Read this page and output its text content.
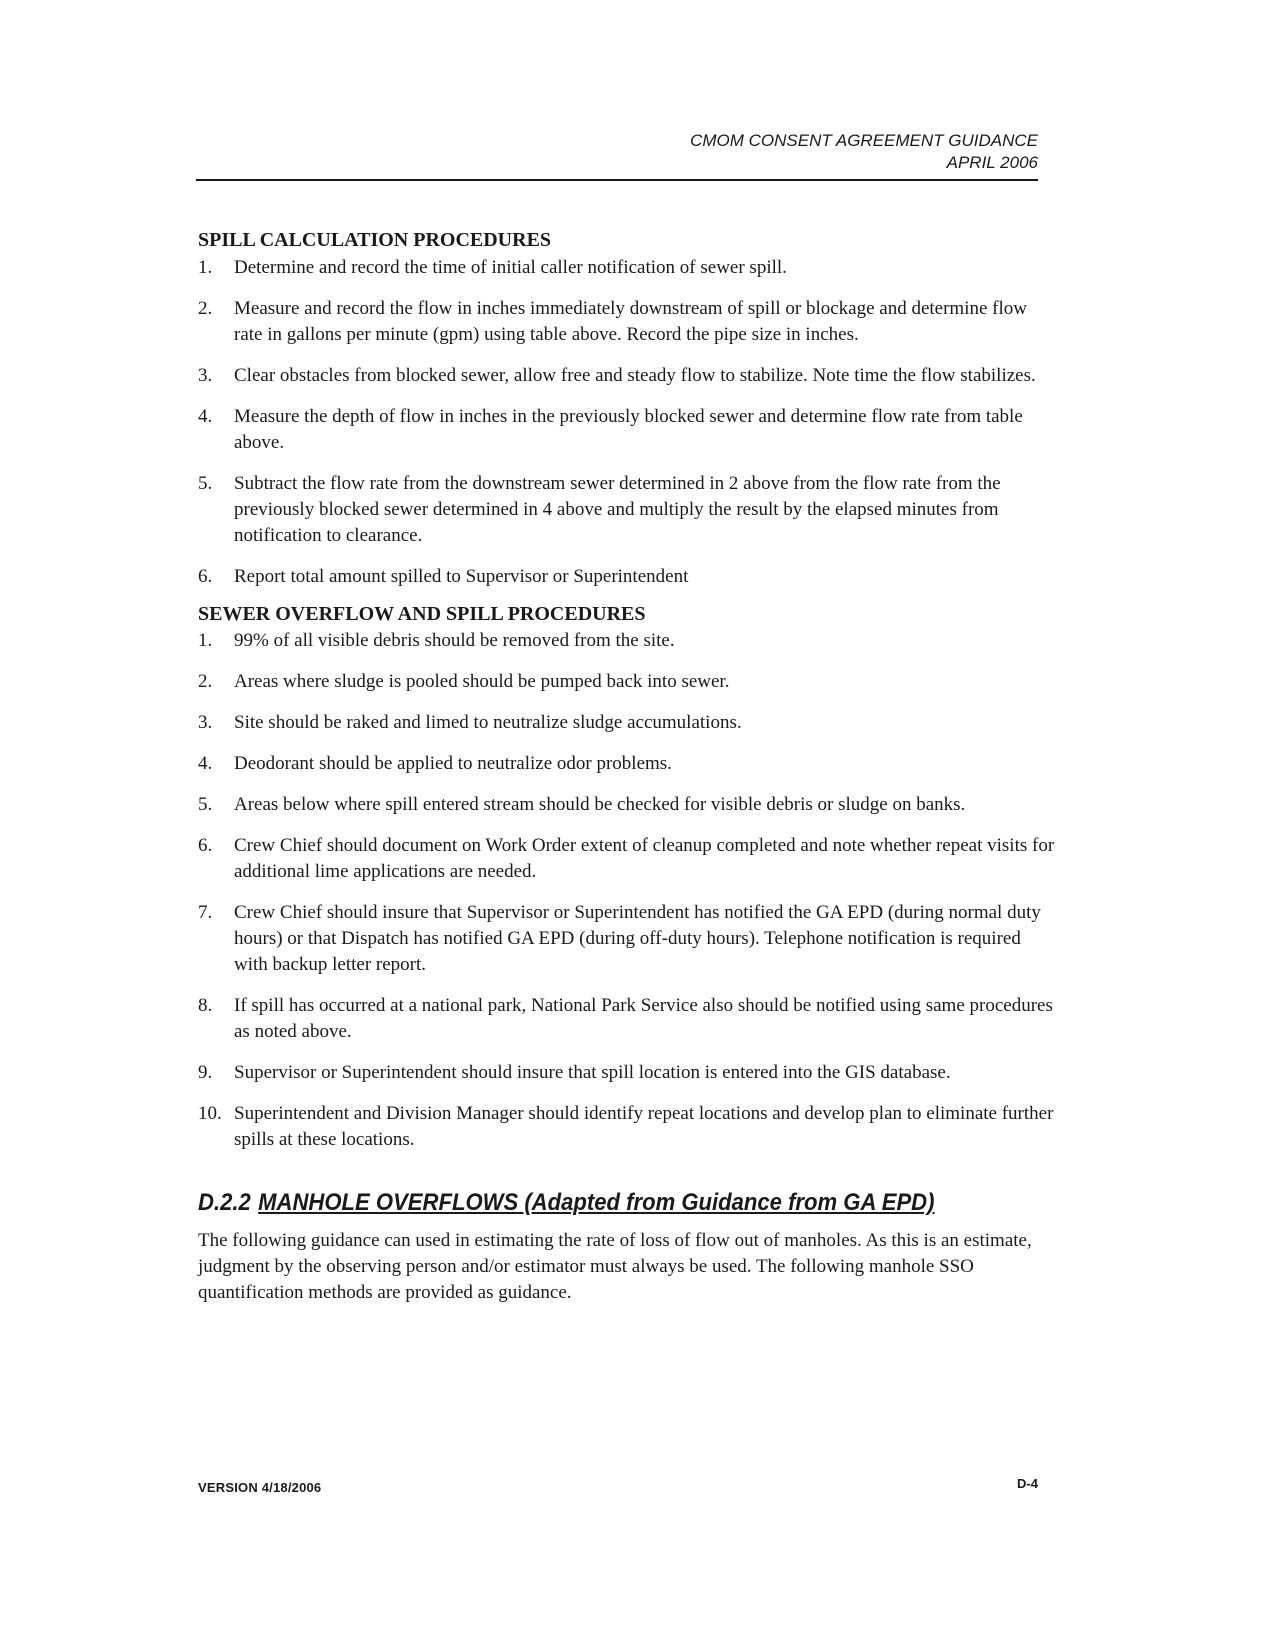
CMOM CONSENT AGREEMENT GUIDANCE
APRIL 2006
SPILL CALCULATION PROCEDURES
1. Determine and record the time of initial caller notification of sewer spill.
2. Measure and record the flow in inches immediately downstream of spill or blockage and determine flow rate in gallons per minute (gpm) using table above. Record the pipe size in inches.
3. Clear obstacles from blocked sewer, allow free and steady flow to stabilize. Note time the flow stabilizes.
4. Measure the depth of flow in inches in the previously blocked sewer and determine flow rate from table above.
5. Subtract the flow rate from the downstream sewer determined in 2 above from the flow rate from the previously blocked sewer determined in 4 above and multiply the result by the elapsed minutes from notification to clearance.
6. Report total amount spilled to Supervisor or Superintendent
SEWER OVERFLOW AND SPILL PROCEDURES
1. 99% of all visible debris should be removed from the site.
2. Areas where sludge is pooled should be pumped back into sewer.
3. Site should be raked and limed to neutralize sludge accumulations.
4. Deodorant should be applied to neutralize odor problems.
5. Areas below where spill entered stream should be checked for visible debris or sludge on banks.
6. Crew Chief should document on Work Order extent of cleanup completed and note whether repeat visits for additional lime applications are needed.
7. Crew Chief should insure that Supervisor or Superintendent has notified the GA EPD (during normal duty hours) or that Dispatch has notified GA EPD (during off-duty hours). Telephone notification is required with backup letter report.
8. If spill has occurred at a national park, National Park Service also should be notified using same procedures as noted above.
9. Supervisor or Superintendent should insure that spill location is entered into the GIS database.
10. Superintendent and Division Manager should identify repeat locations and develop plan to eliminate further spills at these locations.
D.2.2 MANHOLE OVERFLOWS (Adapted from Guidance from GA EPD)

The following guidance can used in estimating the rate of loss of flow out of manholes. As this is an estimate, judgment by the observing person and/or estimator must always be used. The following manhole SSO quantification methods are provided as guidance.

VERSION 4/18/2006	D-4
